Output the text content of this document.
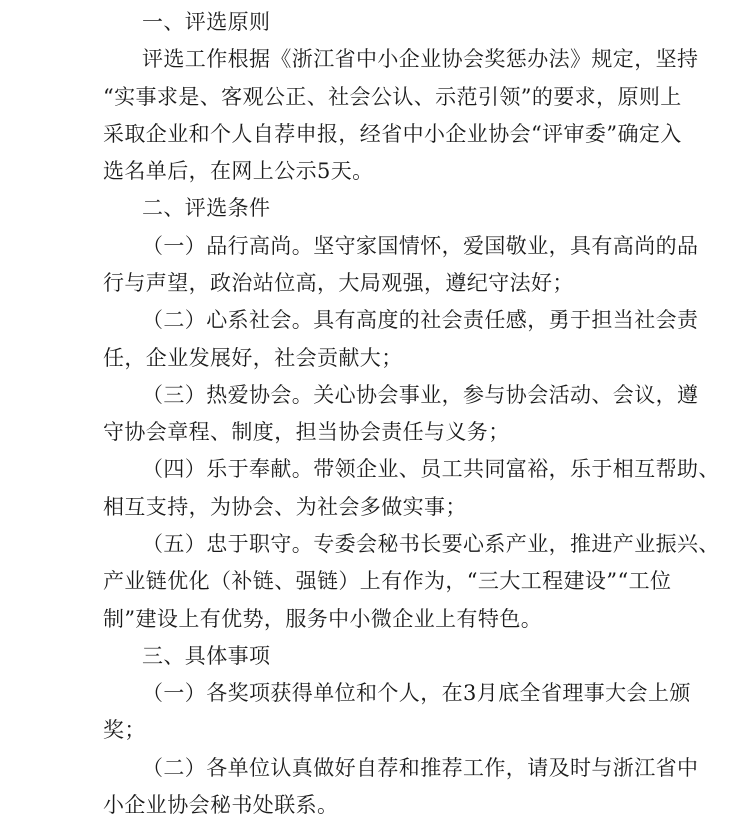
一、评选原则
评选工作根据《浙江省中小企业协会奖惩办法》规定，坚持
“实事求是、客观公正、社会公认、示范引领”的要求，原则上
采取企业和个人自荐申报，经省中小企业协会“评审委”确定入
选名单后，在网上公示5天。
二、评选条件
（一）品行高尚。坚守家国情怀，爱国敬业，具有高尚的品
行与声望，政治站位高，大局观强，遵纪守法好；
（二）心系社会。具有高度的社会责任感，勇于担当社会责
任，企业发展好，社会贡献大；
（三）热爱协会。关心协会事业，参与协会活动、会议，遵
守协会章程、制度，担当协会责任与义务；
（四）乐于奉献。带领企业、员工共同富裕，乐于相互帮助、
相互支持，为协会、为社会多做实事；
（五）忠于职守。专委会秘书长要心系产业，推进产业振兴、
产业链优化（补链、强链）上有作为，“三大工程建设”“工位
制”建设上有优势，服务中小微企业上有特色。
三、具体事项
（一）各奖项获得单位和个人，在3月底全省理事大会上颁
奖；
（二）各单位认真做好自荐和推荐工作，请及时与浙江省中
小企业协会秘书处联系。
